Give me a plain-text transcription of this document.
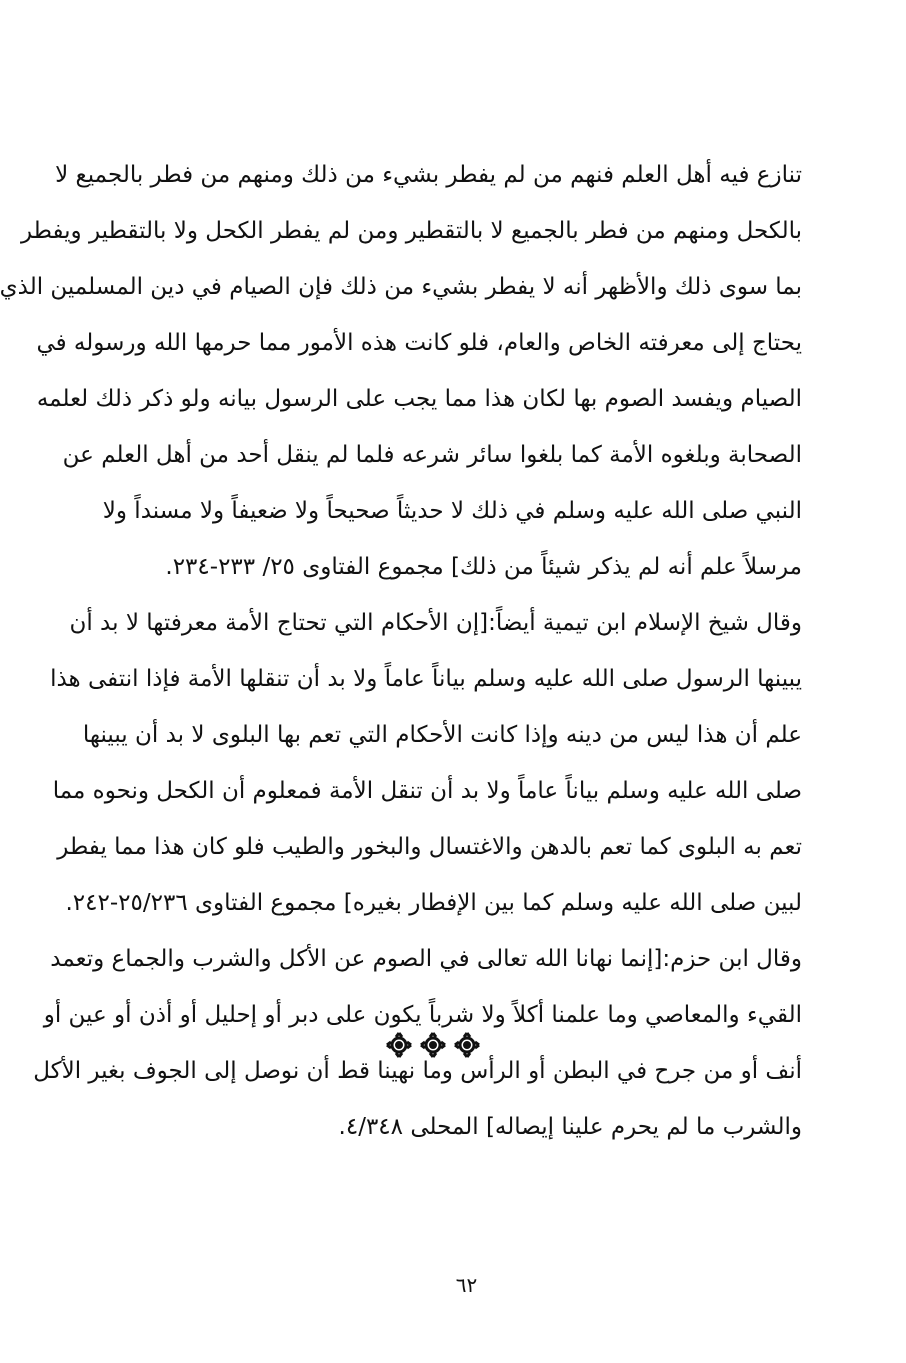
تنازع فيه أهل العلم فنهم من لم يفطر بشيء من ذلك ومنهم من فطر بالجميع لا
بالكحل ومنهم من فطر بالجميع لا بالتقطير ومن لم يفطر الكحل ولا بالتقطير ويفطر
بما سوى ذلك والأظهر أنه لا يفطر بشيء من ذلك فإن الصيام في دين المسلمين الذي
يحتاج إلى معرفته الخاص والعام، فلو كانت هذه الأمور مما حرمها الله ورسوله في
الصيام ويفسد الصوم بها لكان هذا مما يجب على الرسول بيانه ولو ذكر ذلك لعلمه
الصحابة وبلغوه الأمة كما بلغوا سائر شرعه فلما لم ينقل أحد من أهل العلم عن
النبي صلى الله عليه وسلم في ذلك لا حديثاً صحيحاً ولا ضعيفاً ولا مسنداً ولا
مرسلاً علم أنه لم يذكر شيئاً من ذلك] مجموع الفتاوى ٢٥/ ٢٣٣-٢٣٤.
وقال شيخ الإسلام ابن تيمية أيضاً:[إن الأحكام التي تحتاج الأمة معرفتها لا بد أن
يبينها الرسول صلى الله عليه وسلم بياناً عاماً ولا بد أن تنقلها الأمة فإذا انتفى هذا
علم أن هذا ليس من دينه وإذا كانت الأحكام التي تعم بها البلوى لا بد أن يبينها
صلى الله عليه وسلم بياناً عاماً ولا بد أن تنقل الأمة فمعلوم أن الكحل ونحوه مما
تعم به البلوى كما تعم بالدهن والاغتسال والبخور والطيب فلو كان هذا مما يفطر
لبين صلى الله عليه وسلم كما بين الإفطار بغيره] مجموع الفتاوى ٢٥/٢٣٦-٢٤٢.
وقال ابن حزم:[إنما نهانا الله تعالى في الصوم عن الأكل والشرب والجماع وتعمد
القيء والمعاصي وما علمنا أكلاً ولا شرباً يكون على دبر أو إحليل أو أذن أو عين أو
أنف أو من جرح في البطن أو الرأس وما نهينا قط أن نوصل إلى الجوف بغير الأكل
والشرب ما لم يحرم علينا إيصاله] المحلى ٤/٣٤٨.
٦٢
